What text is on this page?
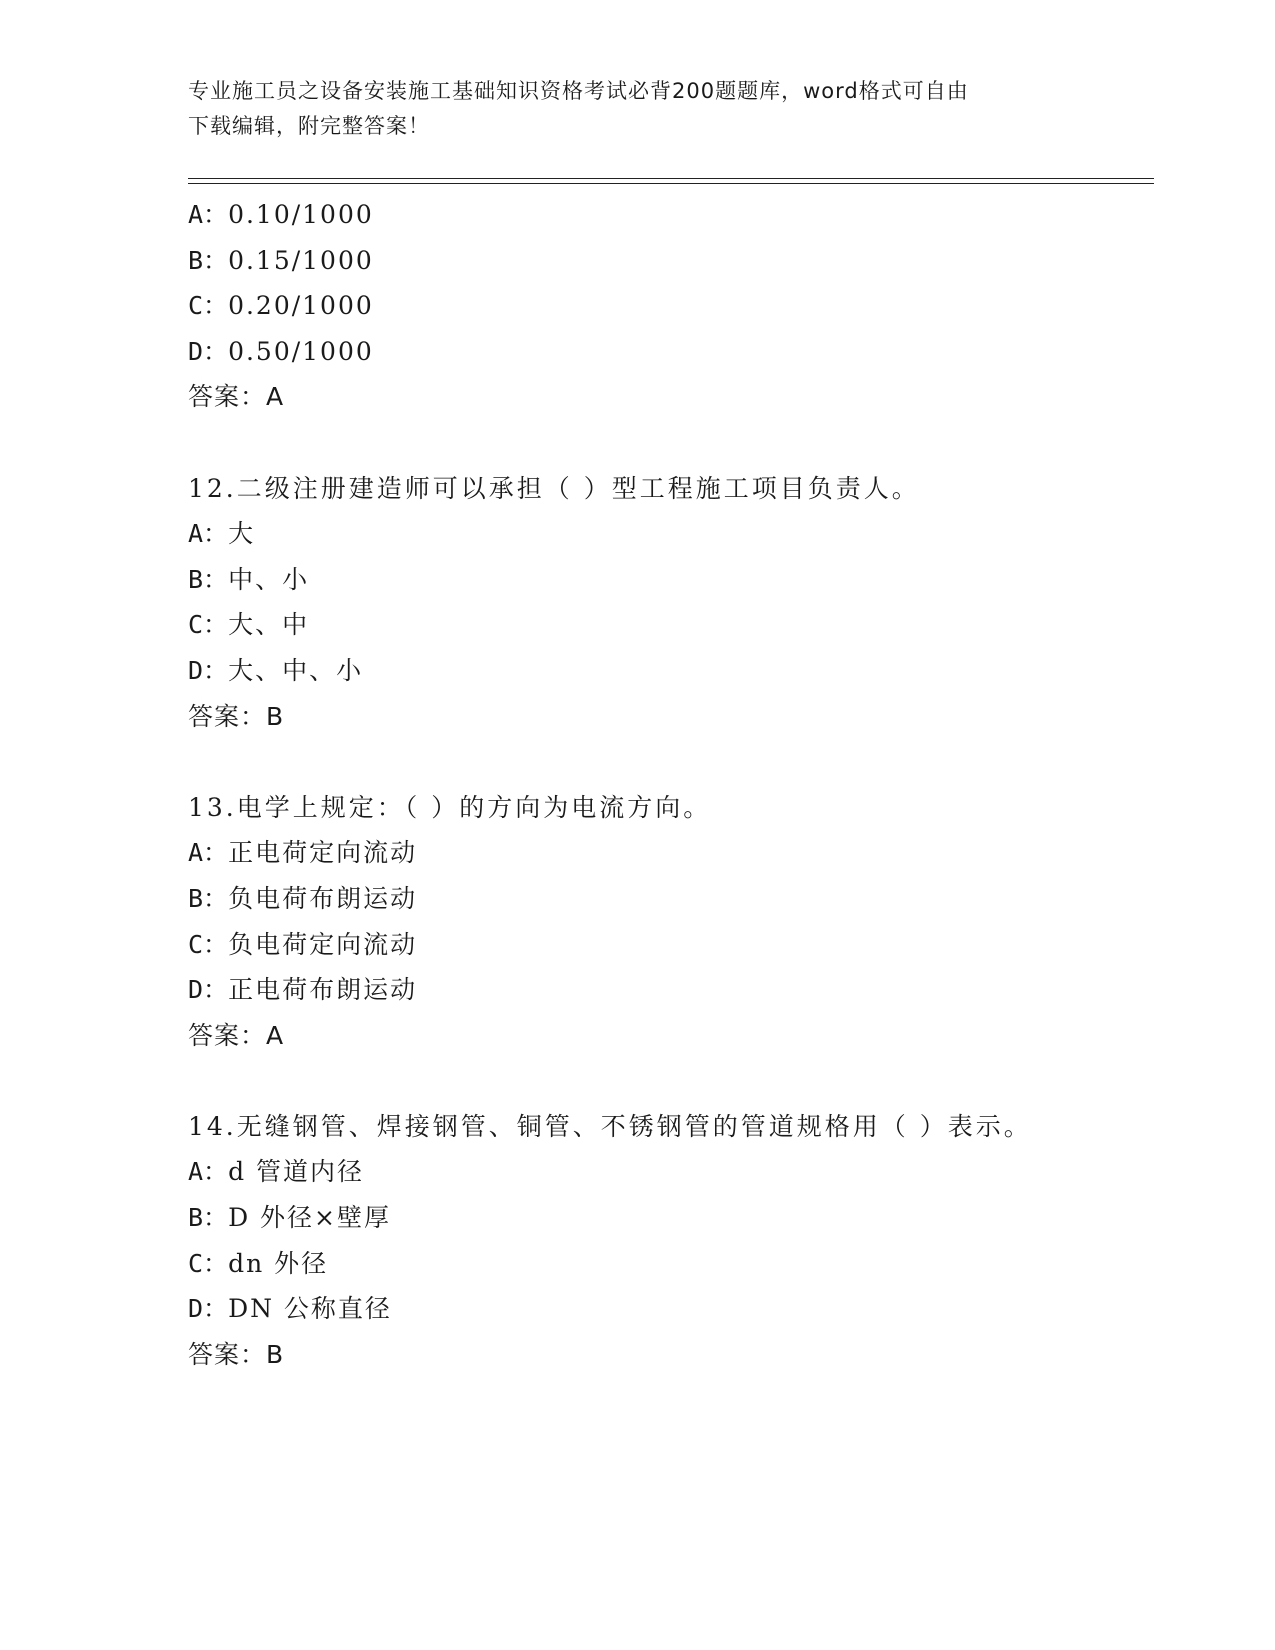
专业施工员之设备安装施工基础知识资格考试必背200题题库，word格式可自由
下载编辑，附完整答案！
A：0.10/1000
B：0.15/1000
C：0.20/1000
D：0.50/1000
答案：A
12.二级注册建造师可以承担（ ）型工程施工项目负责人。
A：大
B：中、小
C：大、中
D：大、中、小
答案：B
13.电学上规定：（ ）的方向为电流方向。
A：正电荷定向流动
B：负电荷布朗运动
C：负电荷定向流动
D：正电荷布朗运动
答案：A
14.无缝钢管、焊接钢管、铜管、不锈钢管的管道规格用（ ）表示。
A：d 管道内径
B：D 外径×壁厚
C：dn 外径
D：DN 公称直径
答案：B
